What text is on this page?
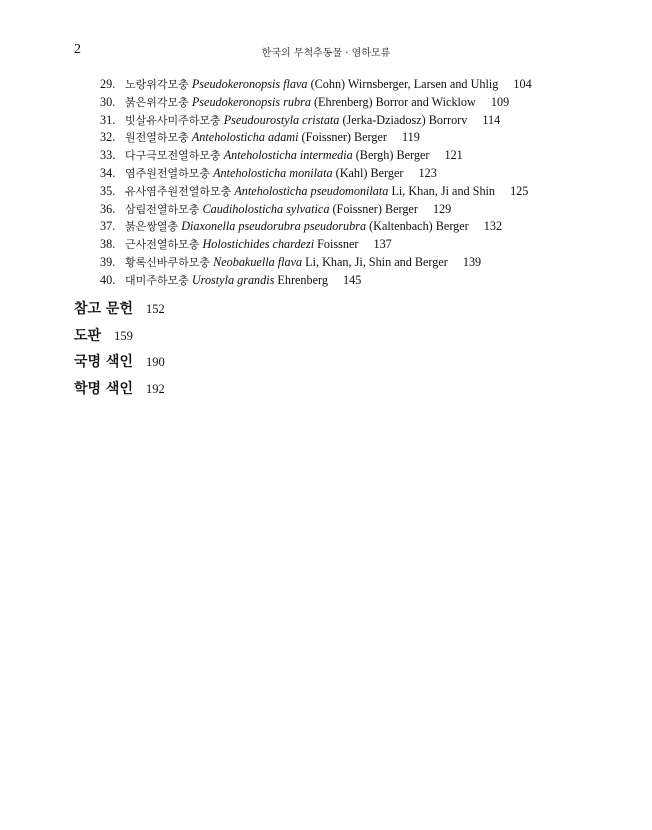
2	한국의 무척추동물 · 염하모류
29. 노랑위각모충 Pseudokeronopsis flava (Cohn) Wirnsberger, Larsen and Uhlig 104
30. 붉은위각모충 Pseudokeronopsis rubra (Ehrenberg) Borror and Wicklow 109
31. 빗살유사미주하모충 Pseudourostyla cristata (Jerka-Dziadosz) Borrorv 114
32. 원전열하모충 Anteholosticha adami (Foissner) Berger 119
33. 다구극모전열하모충 Anteholosticha intermedia (Bergh) Berger 121
34. 염주원전열하모충 Anteholosticha monilata (Kahl) Berger 123
35. 유사염주원전열하모충 Anteholosticha pseudomonilata Li, Khan, Ji and Shin 125
36. 삼림전열하모충 Caudiholosticha sylvatica (Foissner) Berger 129
37. 붉은쌍열충 Diaxonella pseudorubra pseudorubra (Kaltenbach) Berger 132
38. 근사전열하모충 Holostichides chardezi Foissner 137
39. 황록신바쿠하모충 Neobakuella flava Li, Khan, Ji, Shin and Berger 139
40. 대미주하모충 Urostyla grandis Ehrenberg 145
참고 문헌 152
도판 159
국명 색인 190
학명 색인 192
